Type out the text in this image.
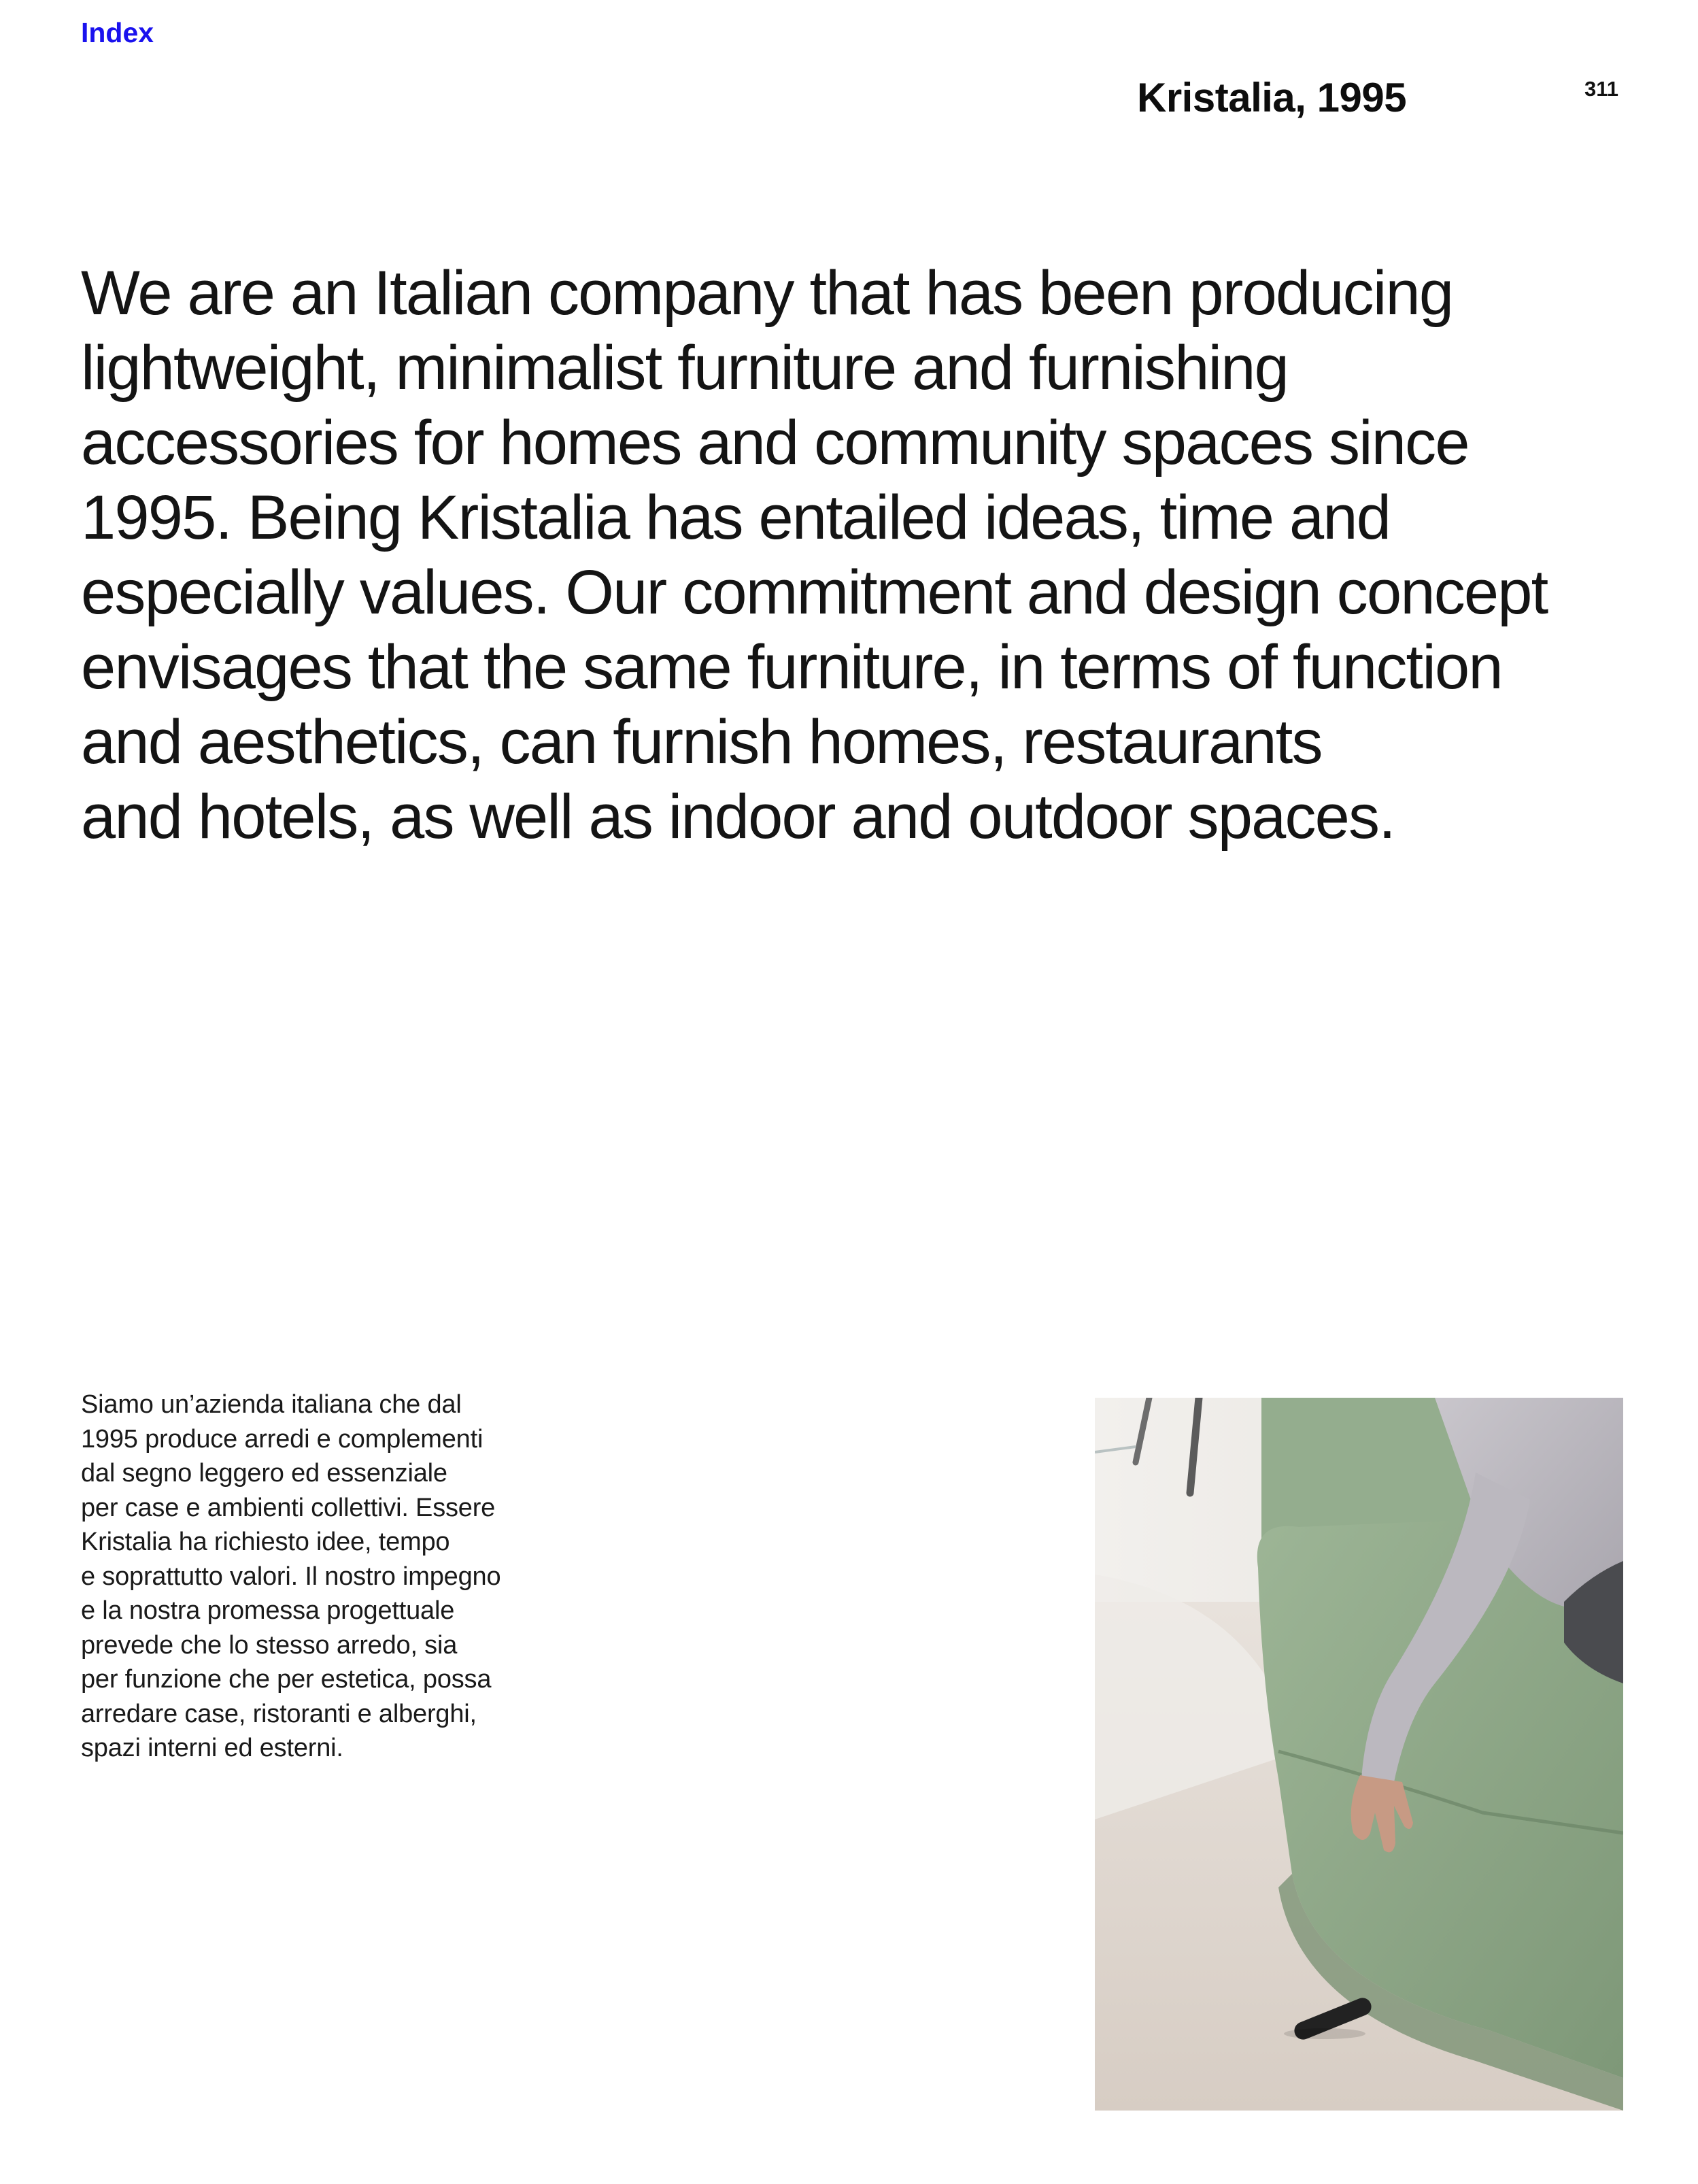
Index
Kristalia, 1995	311

We are an Italian company that has been producing
lightweight, minimalist furniture and furnishing
accessories for homes and community spaces since
1995. Being Kristalia has entailed ideas, time and
especially values. Our commitment and design concept
envisages that the same furniture, in terms of function
and aesthetics, can furnish homes, restaurants
and hotels, as well as indoor and outdoor spaces.

Siamo un’azienda italiana che dal
1995 produce arredi e complementi
dal segno leggero ed essenziale
per case e ambienti collettivi. Essere
Kristalia ha richiesto idee, tempo
e soprattutto valori. Il nostro impegno
e la nostra promessa progettuale
prevede che lo stesso arredo, sia
per funzione che per estetica, possa
arredare case, ristoranti e alberghi,
spazi interni ed esterni.
